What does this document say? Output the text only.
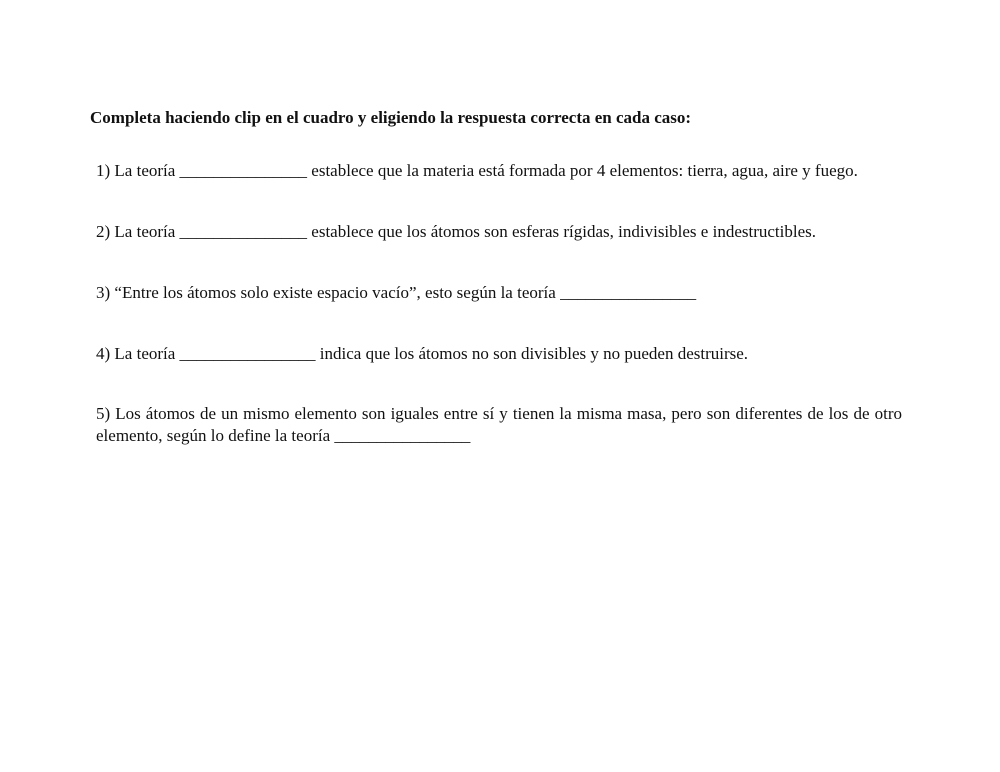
Completa haciendo clip en el cuadro y eligiendo la respuesta correcta en cada caso:
1) La teoría _______________ establece que la materia está formada por 4 elementos: tierra, agua, aire y fuego.
2) La teoría _______________ establece que los átomos son esferas rígidas, indivisibles e indestructibles.
3) “Entre los átomos solo existe espacio vacío”, esto según la teoría ________________
4) La teoría ________________ indica que los átomos no son divisibles y no pueden destruirse.
5) Los átomos de un mismo elemento son iguales entre sí y tienen la misma masa, pero son diferentes de los de otro elemento, según lo define la teoría ________________
